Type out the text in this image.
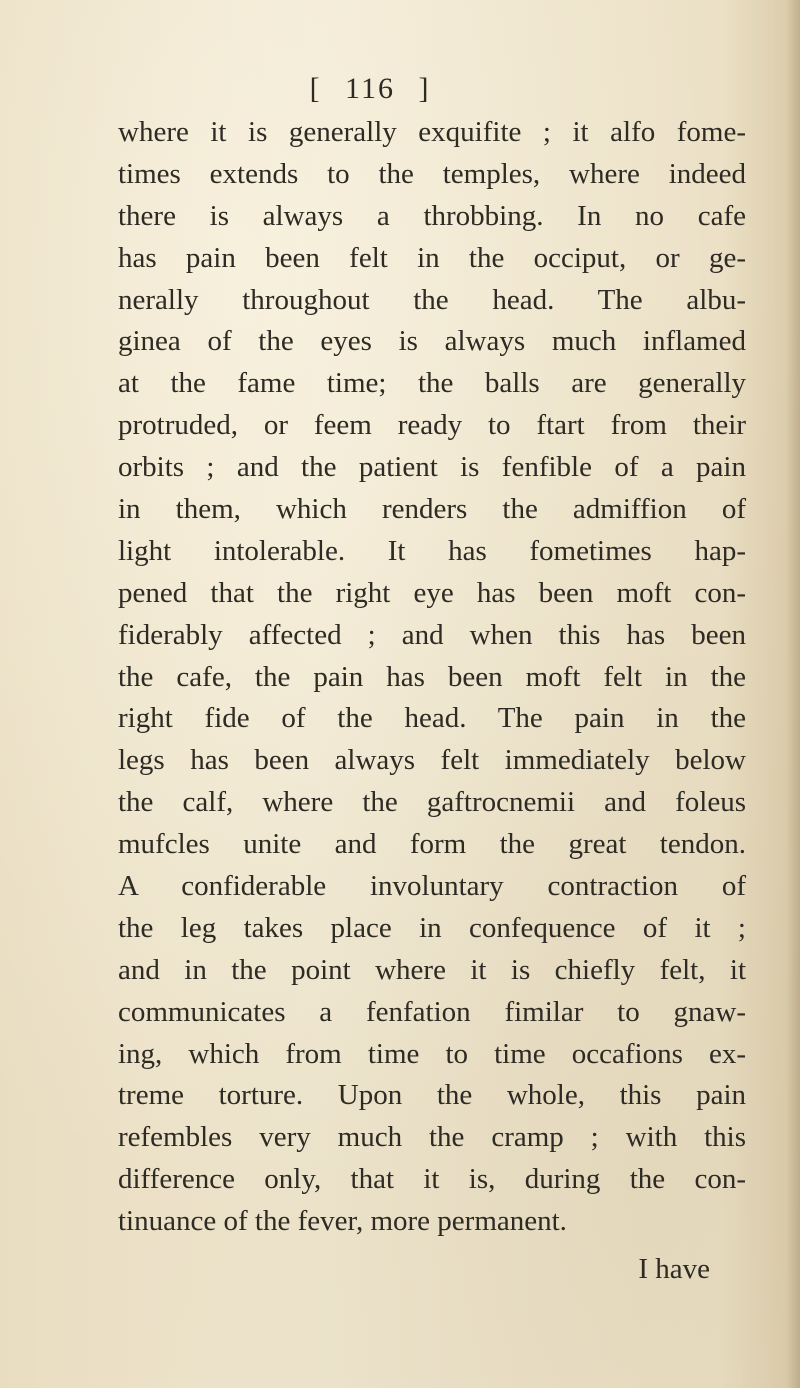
[ 116 ]
where it is generally exquifite ; it alfo fome-
times extends to the temples, where indeed
there is always a throbbing. In no cafe
has pain been felt in the occiput, or ge-
nerally throughout the head. The albu-
ginea of the eyes is always much inflamed
at the fame time; the balls are generally
protruded, or feem ready to ftart from their
orbits ; and the patient is fenfible of a pain
in them, which renders the admiffion of
light intolerable. It has fometimes hap-
pened that the right eye has been moft con-
fiderably affected ; and when this has been
the cafe, the pain has been moft felt in the
right fide of the head. The pain in the
legs has been always felt immediately below
the calf, where the gaftrocnemii and foleus
mufcles unite and form the great tendon.
A confiderable involuntary contraction of
the leg takes place in confequence of it ;
and in the point where it is chiefly felt, it
communicates a fenfation fimilar to gnaw-
ing, which from time to time occafions ex-
treme torture. Upon the whole, this pain
refembles very much the cramp ; with this
difference only, that it is, during the con-
tinuance of the fever, more permanent.
I have
